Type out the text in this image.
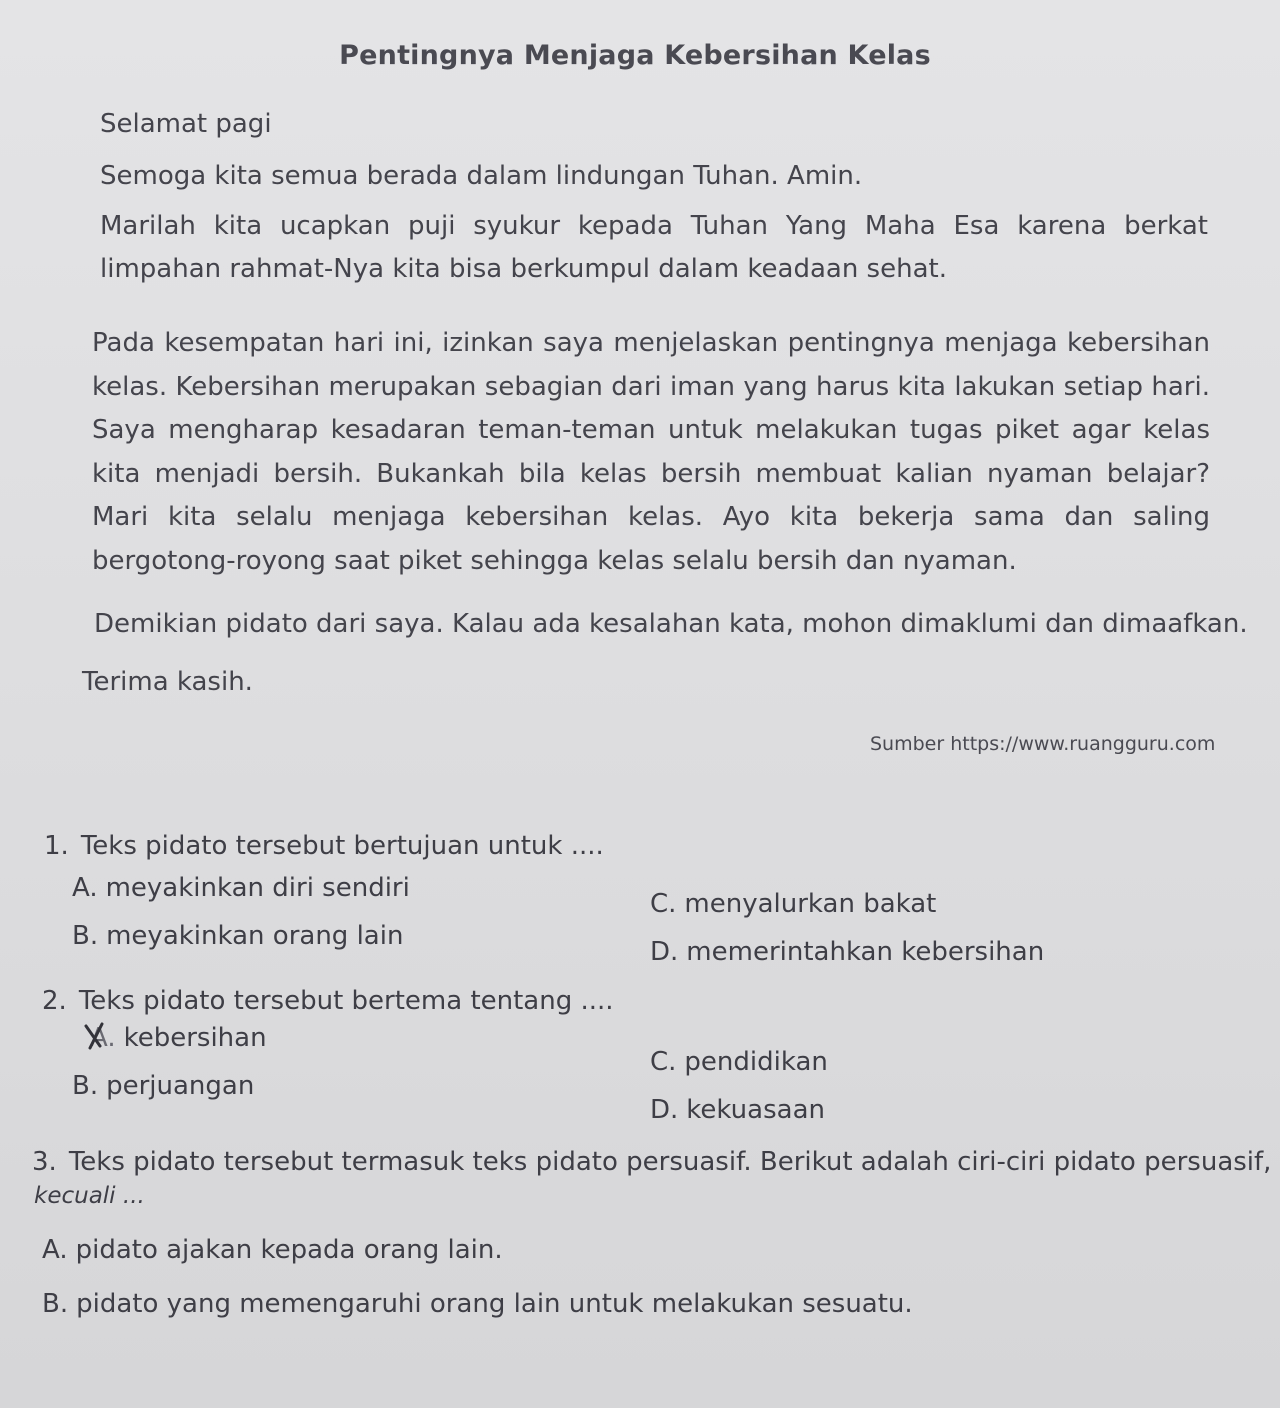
Pentingnya Menjaga Kebersihan Kelas
Selamat pagi
Semoga kita semua berada dalam lindungan Tuhan. Amin.
Marilah kita ucapkan puji syukur kepada Tuhan Yang Maha Esa karena berkat limpahan rahmat-Nya kita bisa berkumpul dalam keadaan sehat.
Pada kesempatan hari ini, izinkan saya menjelaskan pentingnya menjaga kebersihan kelas. Kebersihan merupakan sebagian dari iman yang harus kita lakukan setiap hari. Saya mengharap kesadaran teman-teman untuk melakukan tugas piket agar kelas kita menjadi bersih. Bukankah bila kelas bersih membuat kalian nyaman belajar? Mari kita selalu menjaga kebersihan kelas. Ayo kita bekerja sama dan saling bergotong-royong saat piket sehingga kelas selalu bersih dan nyaman.
Demikian pidato dari saya. Kalau ada kesalahan kata, mohon dimaklumi dan dimaafkan.
Terima kasih.
Sumber https://www.ruangguru.com
1. Teks pidato tersebut bertujuan untuk ....
A. meyakinkan diri sendiri
B. meyakinkan orang lain
C. menyalurkan bakat
D. memerintahkan kebersihan
2. Teks pidato tersebut bertema tentang ....
A. kebersihan
B. perjuangan
C. pendidikan
D. kekuasaan
3. Teks pidato tersebut termasuk teks pidato persuasif. Berikut adalah ciri-ciri pidato persuasif,
kecuali ...
A. pidato ajakan kepada orang lain.
B. pidato yang memengaruhi orang lain untuk melakukan sesuatu.
